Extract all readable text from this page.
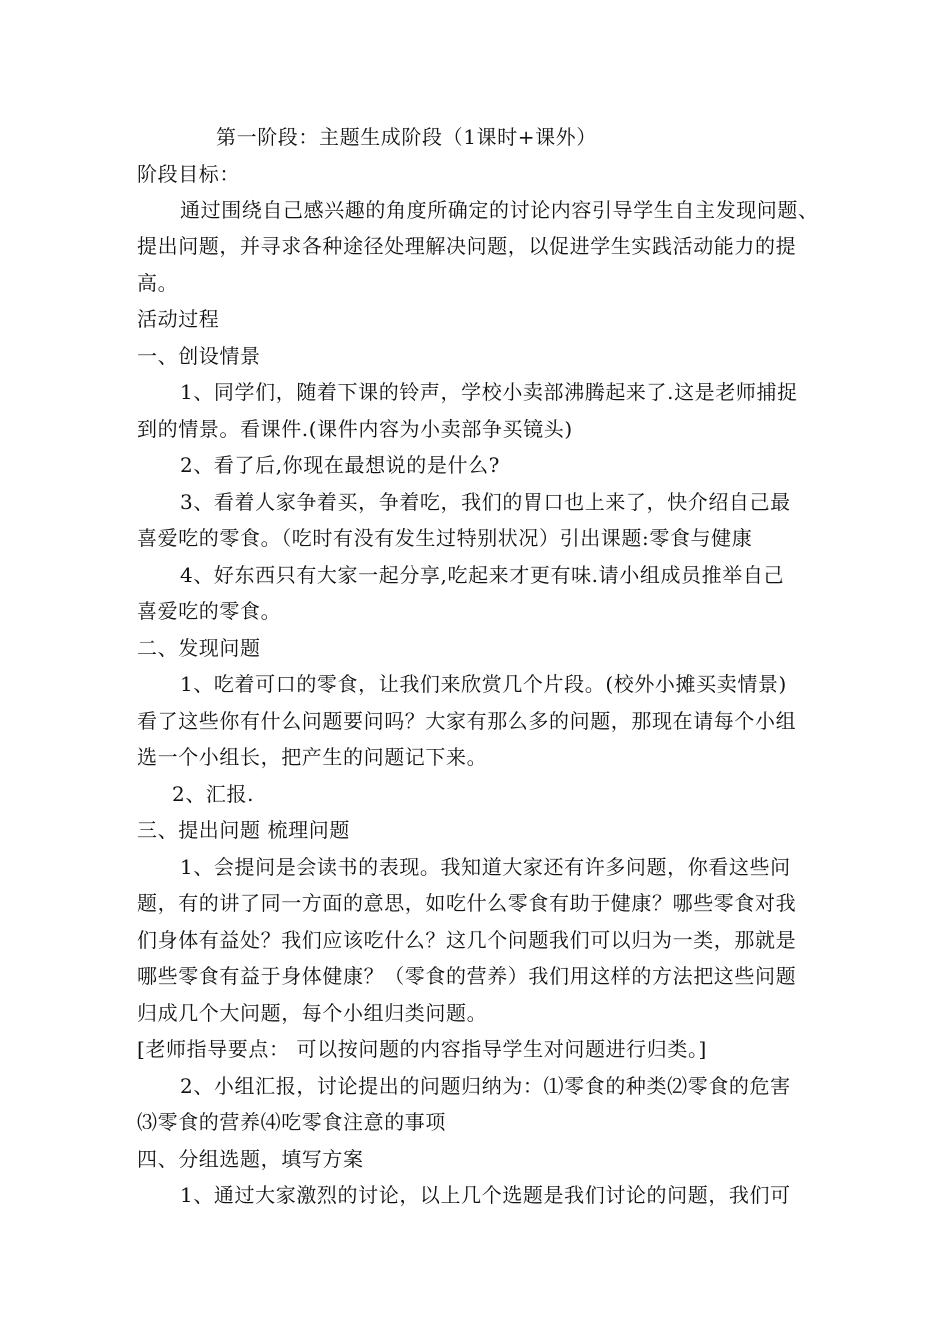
第一阶段：主题生成阶段（1课时+课外）
阶段目标：
通过围绕自己感兴趣的角度所确定的讨论内容引导学生自主发现问题、
提出问题，并寻求各种途径处理解决问题，以促进学生实践活动能力的提
高。
活动过程
一、创设情景
1、同学们，随着下课的铃声，学校小卖部沸腾起来了.这是老师捕捉
到的情景。看课件.(课件内容为小卖部争买镜头)
2、看了后,你现在最想说的是什么?
3、看着人家争着买，争着吃，我们的胃口也上来了，快介绍自己最
喜爱吃的零食。（吃时有没有发生过特别状况）引出课题:零食与健康
4、好东西只有大家一起分享,吃起来才更有味.请小组成员推举自己
喜爱吃的零食。
二、发现问题
1、吃着可口的零食，让我们来欣赏几个片段。(校外小摊买卖情景)
看了这些你有什么问题要问吗？大家有那么多的问题，那现在请每个小组
选一个小组长，把产生的问题记下来。
2、汇报.
三、提出问题 梳理问题
1、会提问是会读书的表现。我知道大家还有许多问题，你看这些问
题，有的讲了同一方面的意思，如吃什么零食有助于健康？哪些零食对我
们身体有益处？我们应该吃什么？这几个问题我们可以归为一类，那就是
哪些零食有益于身体健康？（零食的营养）我们用这样的方法把这些问题
归成几个大问题，每个小组归类问题。
[老师指导要点： 可以按问题的内容指导学生对问题进行归类。]
2、小组汇报，讨论提出的问题归纳为：⑴零食的种类⑵零食的危害
⑶零食的营养⑷吃零食注意的事项
四、分组选题，填写方案
1、通过大家激烈的讨论，以上几个选题是我们讨论的问题，我们可
